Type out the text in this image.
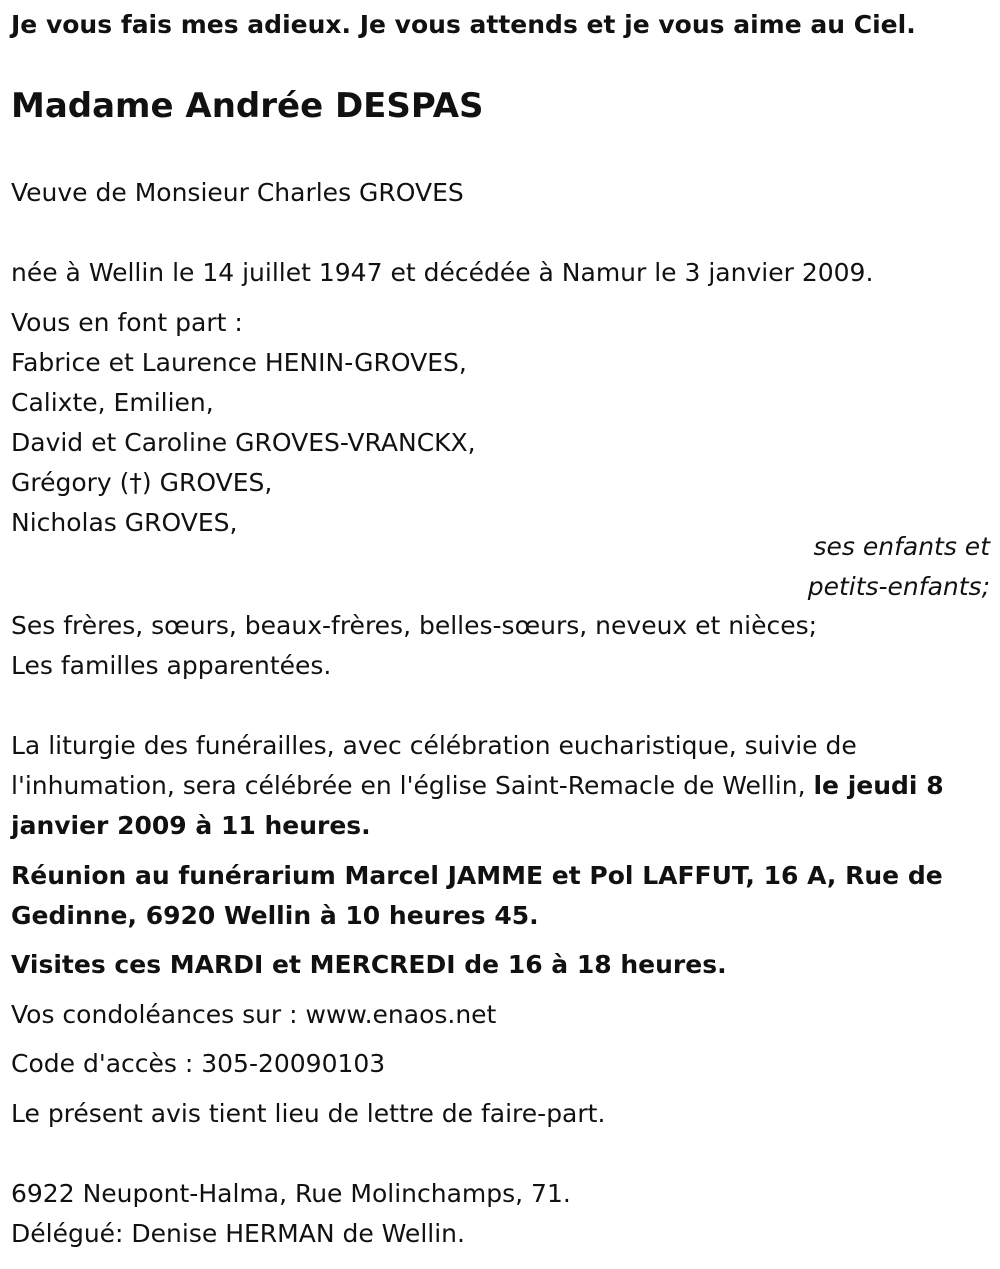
Je vous fais mes adieux. Je vous attends et je vous aime au Ciel.
Madame Andrée DESPAS
Veuve de Monsieur Charles GROVES
née à Wellin le 14 juillet 1947 et décédée à Namur le 3 janvier 2009.
Vous en font part :
Fabrice et Laurence HENIN-GROVES,
Calixte, Emilien,
David et Caroline GROVES-VRANCKX,
Grégory (†) GROVES,
Nicholas GROVES,
ses enfants et
petits-enfants;
Ses frères, sœurs, beaux-frères, belles-sœurs, neveux et nièces;
Les familles apparentées.
La liturgie des funérailles, avec célébration eucharistique, suivie de
l'inhumation, sera célébrée en l'église Saint-Remacle de Wellin, le jeudi 8
janvier 2009 à 11 heures.
Réunion au funérarium Marcel JAMME et Pol LAFFUT, 16 A, Rue de
Gedinne, 6920 Wellin à 10 heures 45.
Visites ces MARDI et MERCREDI de 16 à 18 heures.
Vos condoléances sur : www.enaos.net
Code d'accès : 305-20090103
Le présent avis tient lieu de lettre de faire-part.
6922 Neupont-Halma, Rue Molinchamps, 71.
Délégué: Denise HERMAN de Wellin.
